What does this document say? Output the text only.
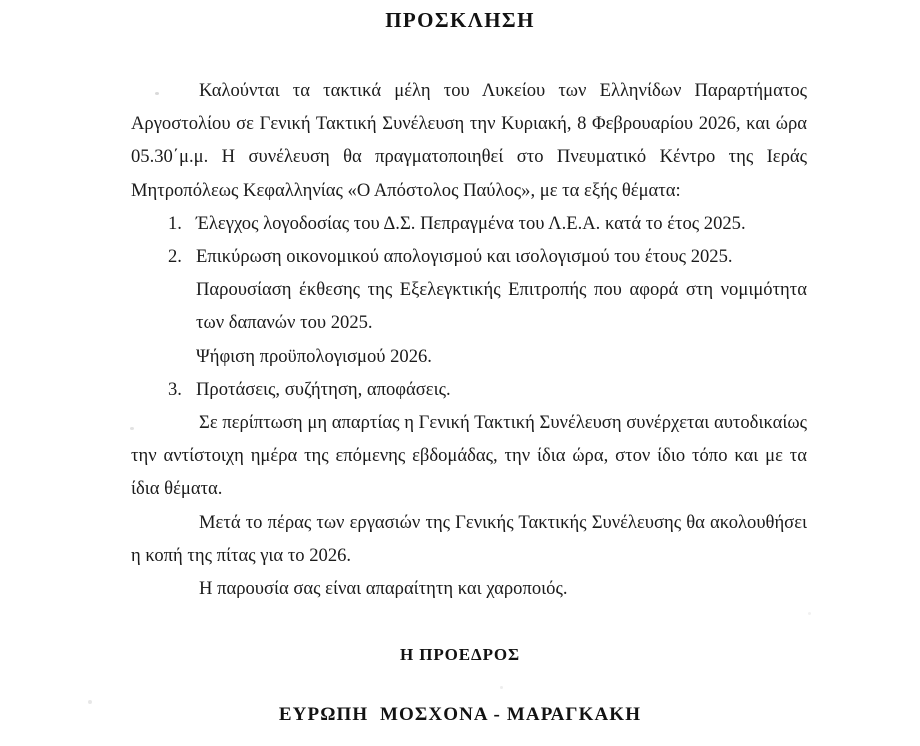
ΠΡΟΣΚΛΗΣΗ

Καλούνται τα τακτικά μέλη του Λυκείου των Ελληνίδων Παραρτήματος Αργοστολίου σε Γενική Τακτική Συνέλευση την Κυριακή, 8 Φεβρουαρίου 2026, και ώρα 05.30΄μ.μ. Η συνέλευση θα πραγματοποιηθεί στο Πνευματικό Κέντρο της Ιεράς Μητροπόλεως Κεφαλληνίας «Ο Απόστολος Παύλος», με τα εξής θέματα:

1. Έλεγχος λογοδοσίας του Δ.Σ. Πεπραγμένα του Λ.Ε.Α. κατά το έτος 2025.
2. Επικύρωση οικονομικού απολογισμού και ισολογισμού του έτους 2025.
Παρουσίαση έκθεσης της Εξελεγκτικής Επιτροπής που αφορά στη νομιμότητα των δαπανών του 2025.
Ψήφιση προϋπολογισμού 2026.
3. Προτάσεις, συζήτηση, αποφάσεις.

Σε περίπτωση μη απαρτίας η Γενική Τακτική Συνέλευση συνέρχεται αυτοδικαίως την αντίστοιχη ημέρα της επόμενης εβδομάδας, την ίδια ώρα, στον ίδιο τόπο και με τα ίδια θέματα.

Μετά το πέρας των εργασιών της Γενικής Τακτικής Συνέλευσης θα ακολουθήσει η κοπή της πίτας για το 2026.

Η παρουσία σας είναι απαραίτητη και χαροποιός.

Η ΠΡΟΕΔΡΟΣ
ΕΥΡΩΠΗ  ΜΟΣΧΟΝΑ - ΜΑΡΑΓΚΑΚΗ
